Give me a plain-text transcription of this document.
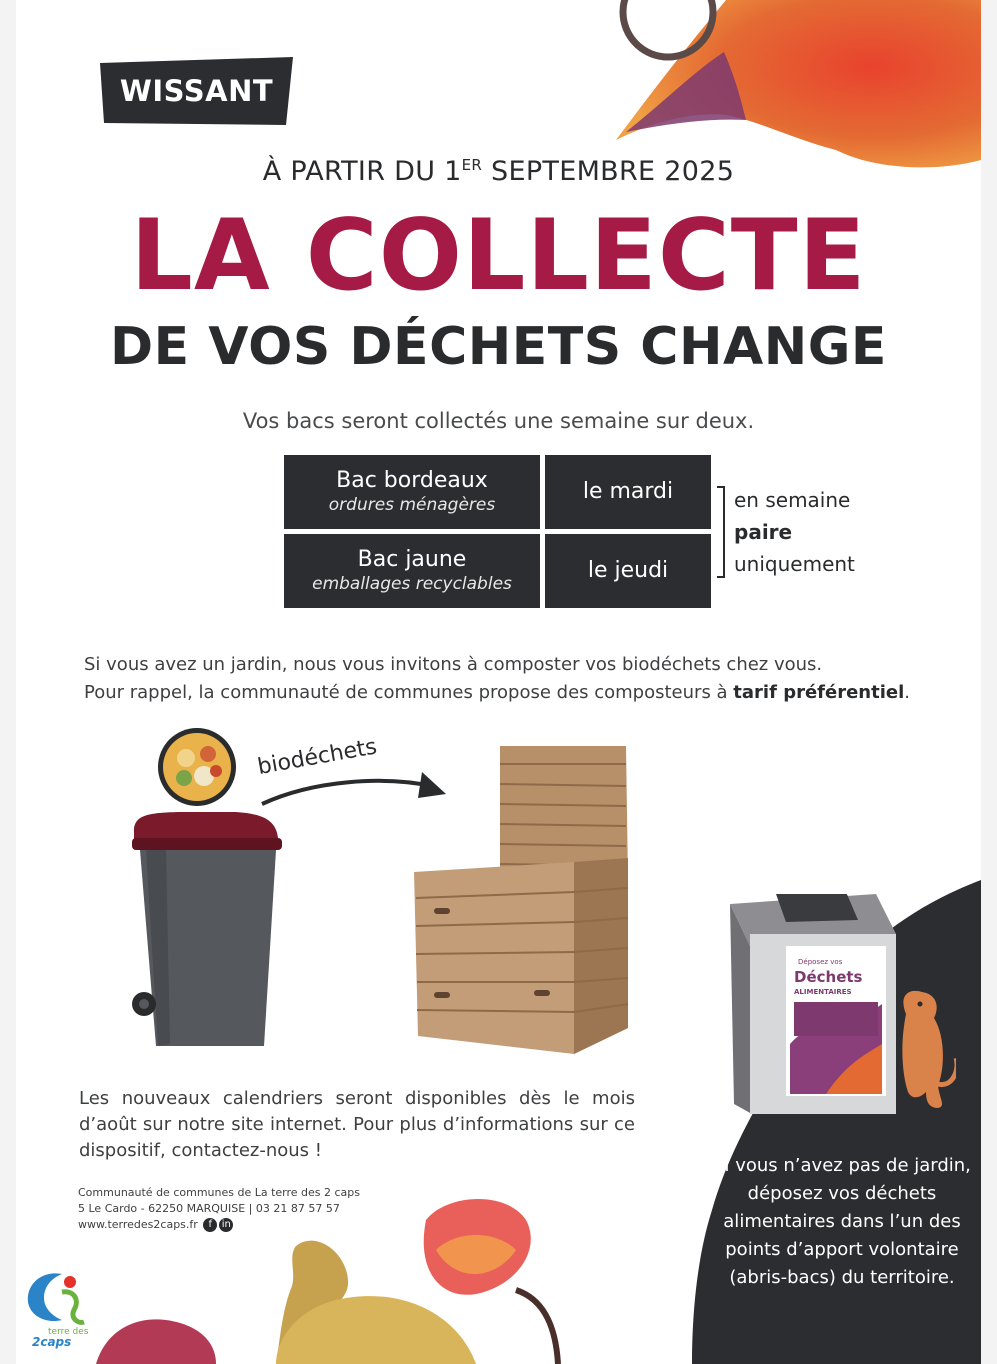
WISSANT
À PARTIR DU 1ER SEPTEMBRE 2025
LA COLLECTE
DE VOS DÉCHETS CHANGE
Vos bacs seront collectés une semaine sur deux.
Bac bordeaux
ordures ménagères
le mardi
Bac jaune
emballages recyclables
le jeudi
en semaine
paire
uniquement
Si vous avez un jardin, nous vous invitons à composter vos biodéchets chez vous.
Pour rappel, la communauté de communes propose des composteurs à tarif préférentiel.
biodéchets
Les nouveaux calendriers seront disponibles dès le mois d’août sur notre site internet. Pour plus d’informations sur ce dispositif, contactez-nous !
Communauté de communes de La terre des 2 caps
5 Le Cardo - 62250 MARQUISE | 03 21 87 57 57
www.terredes2caps.fr f in
Déposez vos
Déchets
ALIMENTAIRES
Si vous n’avez pas de jardin, déposez vos déchets alimentaires dans l’un des points d’apport volontaire (abris-bacs) du territoire.
terre des
2caps
